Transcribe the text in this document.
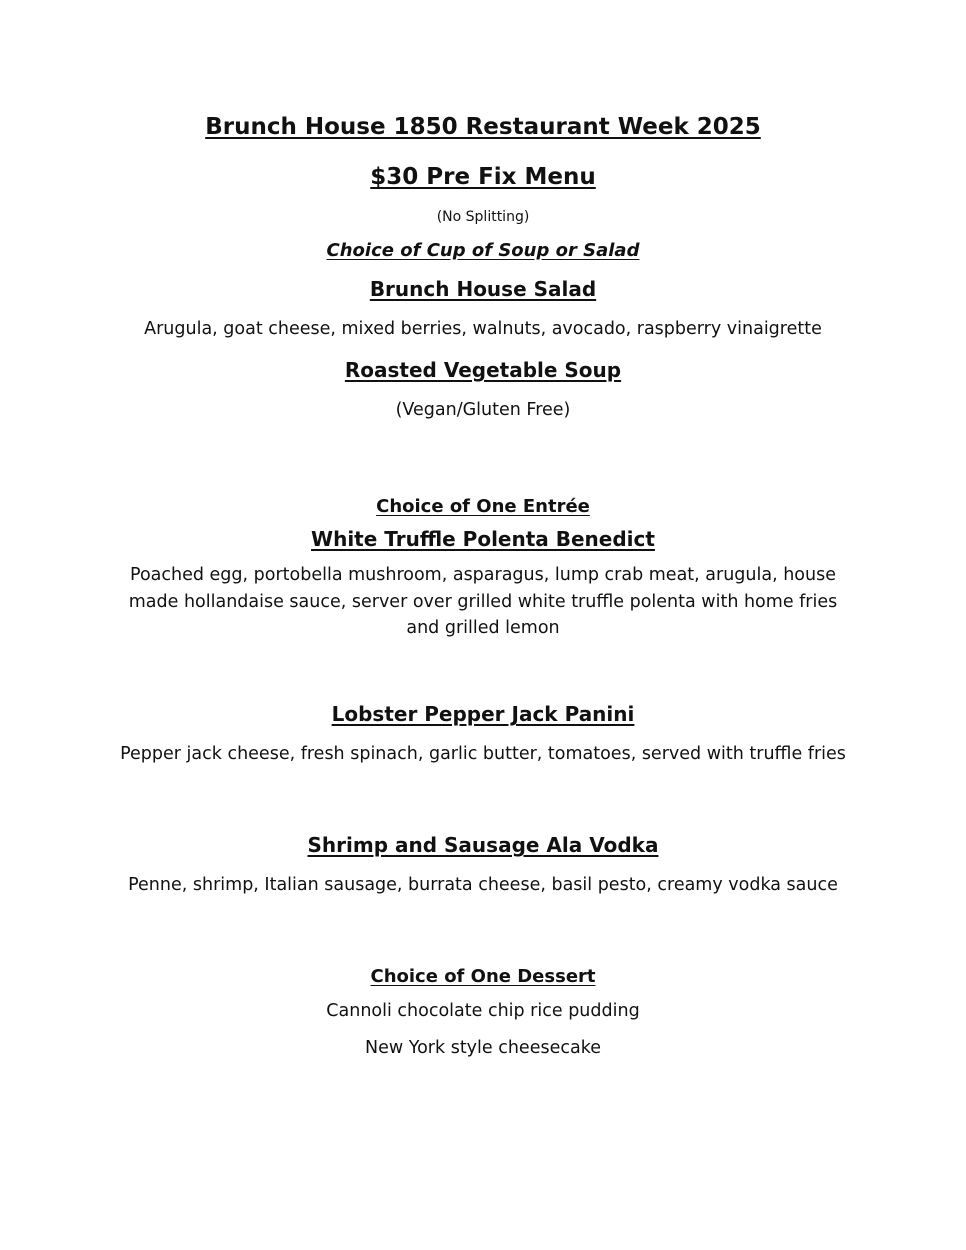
Brunch House 1850 Restaurant Week 2025
$30 Pre Fix Menu

(No Splitting)

Choice of Cup of Soup or Salad

Brunch House Salad

Arugula, goat cheese, mixed berries, walnuts, avocado, raspberry vinaigrette

Roasted Vegetable Soup

(Vegan/Gluten Free)

Choice of One Entrée

White Truffle Polenta Benedict

Poached egg, portobella mushroom, asparagus, lump crab meat, arugula, house made hollandaise sauce, server over grilled white truﬄe polenta with home fries and grilled lemon

Lobster Pepper Jack Panini

Pepper jack cheese, fresh spinach, garlic butter, tomatoes, served with truﬄe fries

Shrimp and Sausage Ala Vodka

Penne, shrimp, Italian sausage, burrata cheese, basil pesto, creamy vodka sauce

Choice of One Dessert

Cannoli chocolate chip rice pudding

New York style cheesecake
